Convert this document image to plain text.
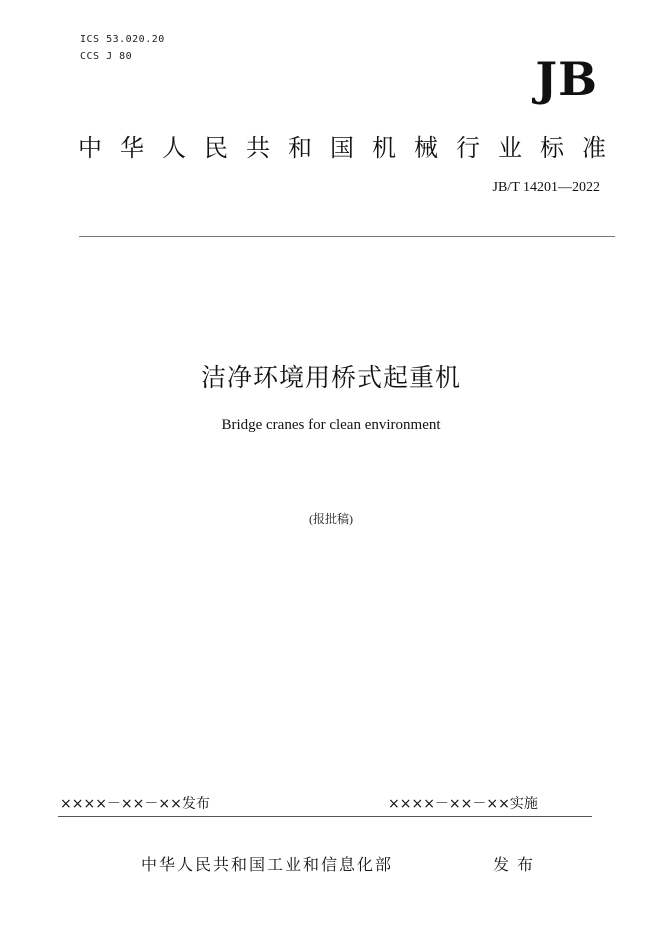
ICS 53.020.20
CCS J 80	JB
中华人民共和国机械行业标准
JB/T 14201—2022
洁净环境用桥式起重机
Bridge cranes for clean environment
(报批稿)
××××－××－××发布	××××－××－××实施
中华人民共和国工业和信息化部	发布
